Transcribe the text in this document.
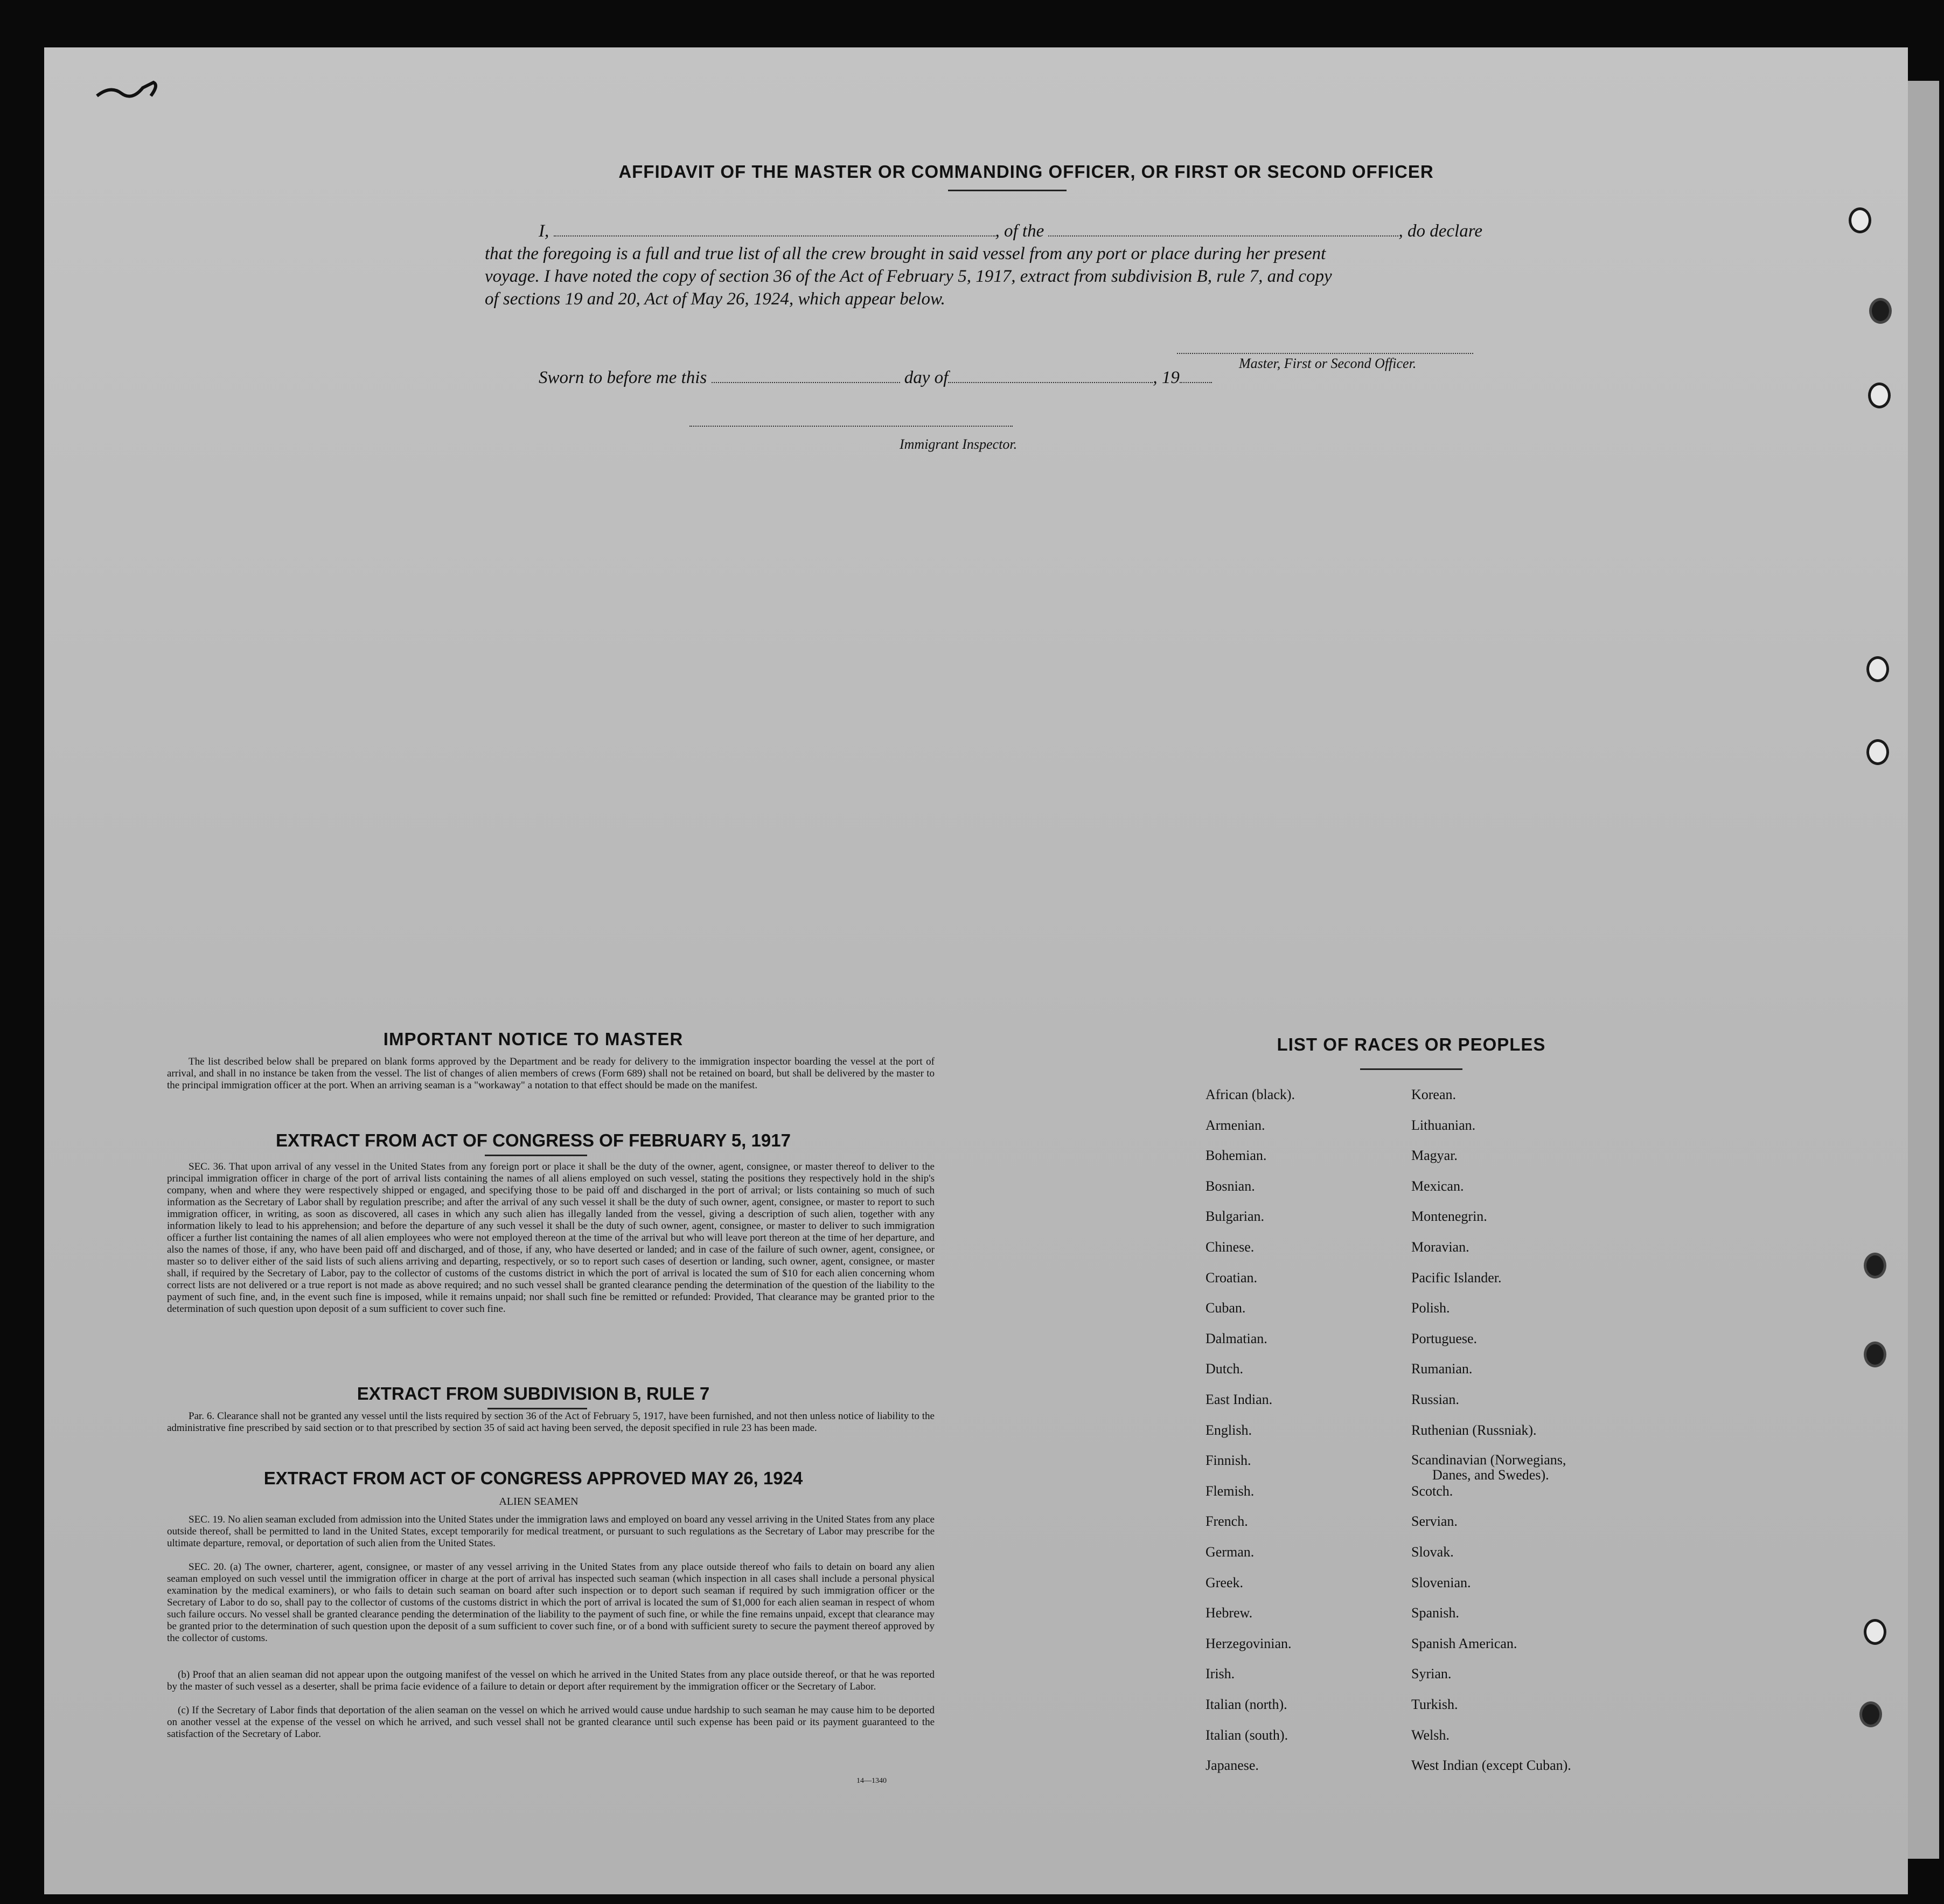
AFFIDAVIT OF THE MASTER OR COMMANDING OFFICER, OR FIRST OR SECOND OFFICER
I,	, of the	, do declare
that the foregoing is a full and true list of all the crew brought in said vessel from any port or place during her present
voyage. I have noted the copy of section 36 of the Act of February 5, 1917, extract from subdivision B, rule 7, and copy
of sections 19 and 20, Act of May 26, 1924, which appear below.
Master, First or Second Officer.
Sworn to before me this	day of	, 19
Immigrant Inspector.
IMPORTANT NOTICE TO MASTER
The list described below shall be prepared on blank forms approved by the Department and be ready for delivery to the immigration inspector boarding the vessel at the port of arrival, and shall in no instance be taken from the vessel. The list of changes of alien members of crews (Form 689) shall not be retained on board, but shall be delivered by the master to the principal immigration officer at the port. When an arriving seaman is a "workaway" a notation to that effect should be made on the manifest.
EXTRACT FROM ACT OF CONGRESS OF FEBRUARY 5, 1917
SEC. 36. That upon arrival of any vessel in the United States from any foreign port or place it shall be the duty of the owner, agent, consignee, or master thereof to deliver to the principal immigration officer in charge of the port of arrival lists containing the names of all aliens employed on such vessel, stating the positions they respectively hold in the ship's company, when and where they were respectively shipped or engaged, and specifying those to be paid off and discharged in the port of arrival; or lists containing so much of such information as the Secretary of Labor shall by regulation prescribe; and after the arrival of any such vessel it shall be the duty of such owner, agent, consignee, or master to report to such immigration officer, in writing, as soon as discovered, all cases in which any such alien has illegally landed from the vessel, giving a description of such alien, together with any information likely to lead to his apprehension; and before the departure of any such vessel it shall be the duty of such owner, agent, consignee, or master to deliver to such immigration officer a further list containing the names of all alien employees who were not employed thereon at the time of the arrival but who will leave port thereon at the time of her departure, and also the names of those, if any, who have been paid off and discharged, and of those, if any, who have deserted or landed; and in case of the failure of such owner, agent, consignee, or master so to deliver either of the said lists of such aliens arriving and departing, respectively, or so to report such cases of desertion or landing, such owner, agent, consignee, or master shall, if required by the Secretary of Labor, pay to the collector of customs of the customs district in which the port of arrival is located the sum of $10 for each alien concerning whom correct lists are not delivered or a true report is not made as above required; and no such vessel shall be granted clearance pending the determination of the question of the liability to the payment of such fine, and, in the event such fine is imposed, while it remains unpaid; nor shall such fine be remitted or refunded: Provided, That clearance may be granted prior to the determination of such question upon deposit of a sum sufficient to cover such fine.
EXTRACT FROM SUBDIVISION B, RULE 7
Par. 6. Clearance shall not be granted any vessel until the lists required by section 36 of the Act of February 5, 1917, have been furnished, and not then unless notice of liability to the administrative fine prescribed by said section or to that prescribed by section 35 of said act having been served, the deposit specified in rule 23 has been made.
EXTRACT FROM ACT OF CONGRESS APPROVED MAY 26, 1924
ALIEN SEAMEN
SEC. 19. No alien seaman excluded from admission into the United States under the immigration laws and employed on board any vessel arriving in the United States from any place outside thereof, shall be permitted to land in the United States, except temporarily for medical treatment, or pursuant to such regulations as the Secretary of Labor may prescribe for the ultimate departure, removal, or deportation of such alien from the United States.
SEC. 20. (a) The owner, charterer, agent, consignee, or master of any vessel arriving in the United States from any place outside thereof who fails to detain on board any alien seaman employed on such vessel until the immigration officer in charge at the port of arrival has inspected such seaman (which inspection in all cases shall include a personal physical examination by the medical examiners), or who fails to detain such seaman on board after such inspection or to deport such seaman if required by such immigration officer or the Secretary of Labor to do so, shall pay to the collector of customs of the customs district in which the port of arrival is located the sum of $1,000 for each alien seaman in respect of whom such failure occurs. No vessel shall be granted clearance pending the determination of the liability to the payment of such fine, or while the fine remains unpaid, except that clearance may be granted prior to the determination of such question upon the deposit of a sum sufficient to cover such fine, or of a bond with sufficient surety to secure the payment thereof approved by the collector of customs.
(b) Proof that an alien seaman did not appear upon the outgoing manifest of the vessel on which he arrived in the United States from any place outside thereof, or that he was reported by the master of such vessel as a deserter, shall be prima facie evidence of a failure to detain or deport after requirement by the immigration officer or the Secretary of Labor.
(c) If the Secretary of Labor finds that deportation of the alien seaman on the vessel on which he arrived would cause undue hardship to such seaman he may cause him to be deported on another vessel at the expense of the vessel on which he arrived, and such vessel shall not be granted clearance until such expense has been paid or its payment guaranteed to the satisfaction of the Secretary of Labor.
14—1340
LIST OF RACES OR PEOPLES
African (black).
Armenian.
Bohemian.
Bosnian.
Bulgarian.
Chinese.
Croatian.
Cuban.
Dalmatian.
Dutch.
East Indian.
English.
Finnish.
Flemish.
French.
German.
Greek.
Hebrew.
Herzegovinian.
Irish.
Italian (north).
Italian (south).
Japanese.
Korean.
Lithuanian.
Magyar.
Mexican.
Montenegrin.
Moravian.
Pacific Islander.
Polish.
Portuguese.
Rumanian.
Russian.
Ruthenian (Russniak).
Scandinavian (Norwegians,
Danes, and Swedes).
Scotch.
Servian.
Slovak.
Slovenian.
Spanish.
Spanish American.
Syrian.
Turkish.
Welsh.
West Indian (except Cuban).
